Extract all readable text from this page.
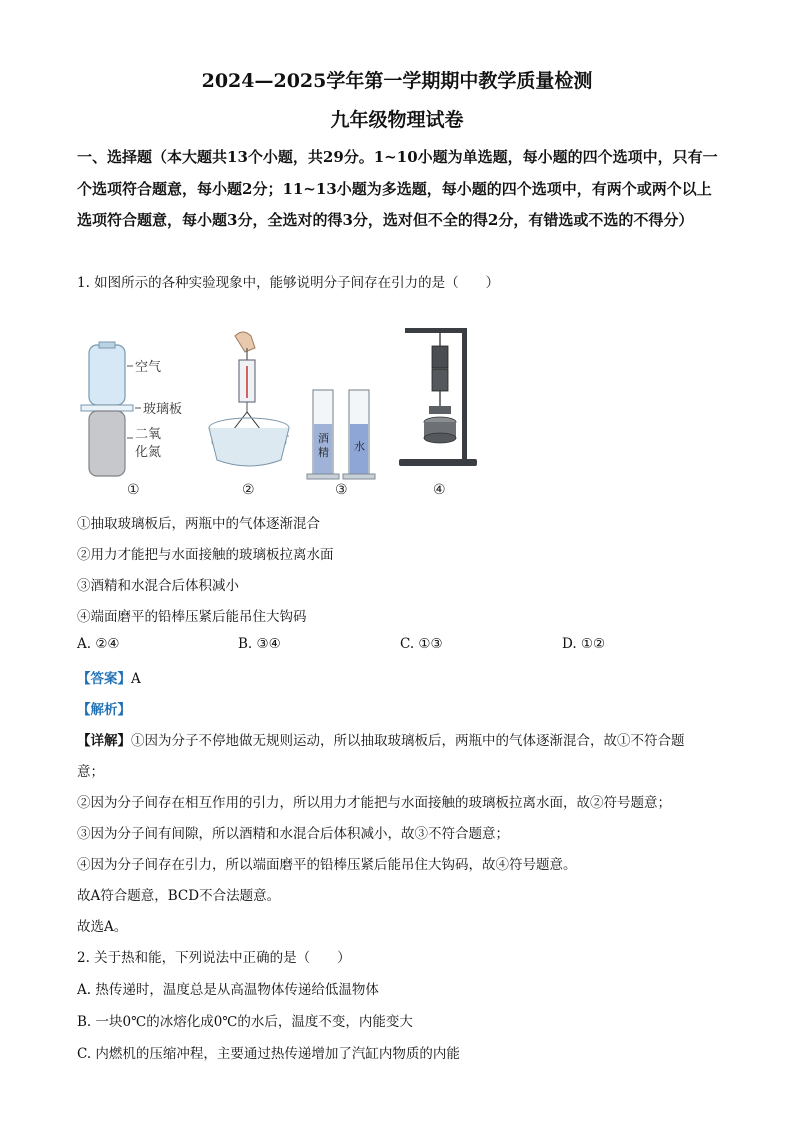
2024—2025学年第一学期期中教学质量检测
九年级物理试卷
一、选择题（本大题共13个小题，共29分。1~10小题为单选题，每小题的四个选项中，只有一个选项符合题意，每小题2分；11~13小题为多选题，每小题的四个选项中，有两个或两个以上选项符合题意，每小题3分，全选对的得3分，选对但不全的得2分，有错选或不选的不得分）
1. 如图所示的各种实验现象中，能够说明分子间存在引力的是（　　）
空气
玻璃板
二氧
化氮
酒
精 水
①	②	③	④
①抽取玻璃板后，两瓶中的气体逐渐混合
②用力才能把与水面接触的玻璃板拉离水面
③酒精和水混合后体积减小
④端面磨平的铅棒压紧后能吊住大钩码
A. ②④	B. ③④	C. ①③	D. ①②
【答案】A
【解析】
【详解】①因为分子不停地做无规则运动，所以抽取玻璃板后，两瓶中的气体逐渐混合，故①不符合题
意；
②因为分子间存在相互作用的引力，所以用力才能把与水面接触的玻璃板拉离水面，故②符号题意；
③因为分子间有间隙，所以酒精和水混合后体积减小，故③不符合题意；
④因为分子间存在引力，所以端面磨平的铅棒压紧后能吊住大钩码，故④符号题意。
故A符合题意，BCD不合法题意。
故选A。
2. 关于热和能，下列说法中正确的是（　　）
A. 热传递时，温度总是从高温物体传递给低温物体
B. 一块0℃的冰熔化成0℃的水后，温度不变，内能变大
C. 内燃机的压缩冲程，主要通过热传递增加了汽缸内物质的内能
